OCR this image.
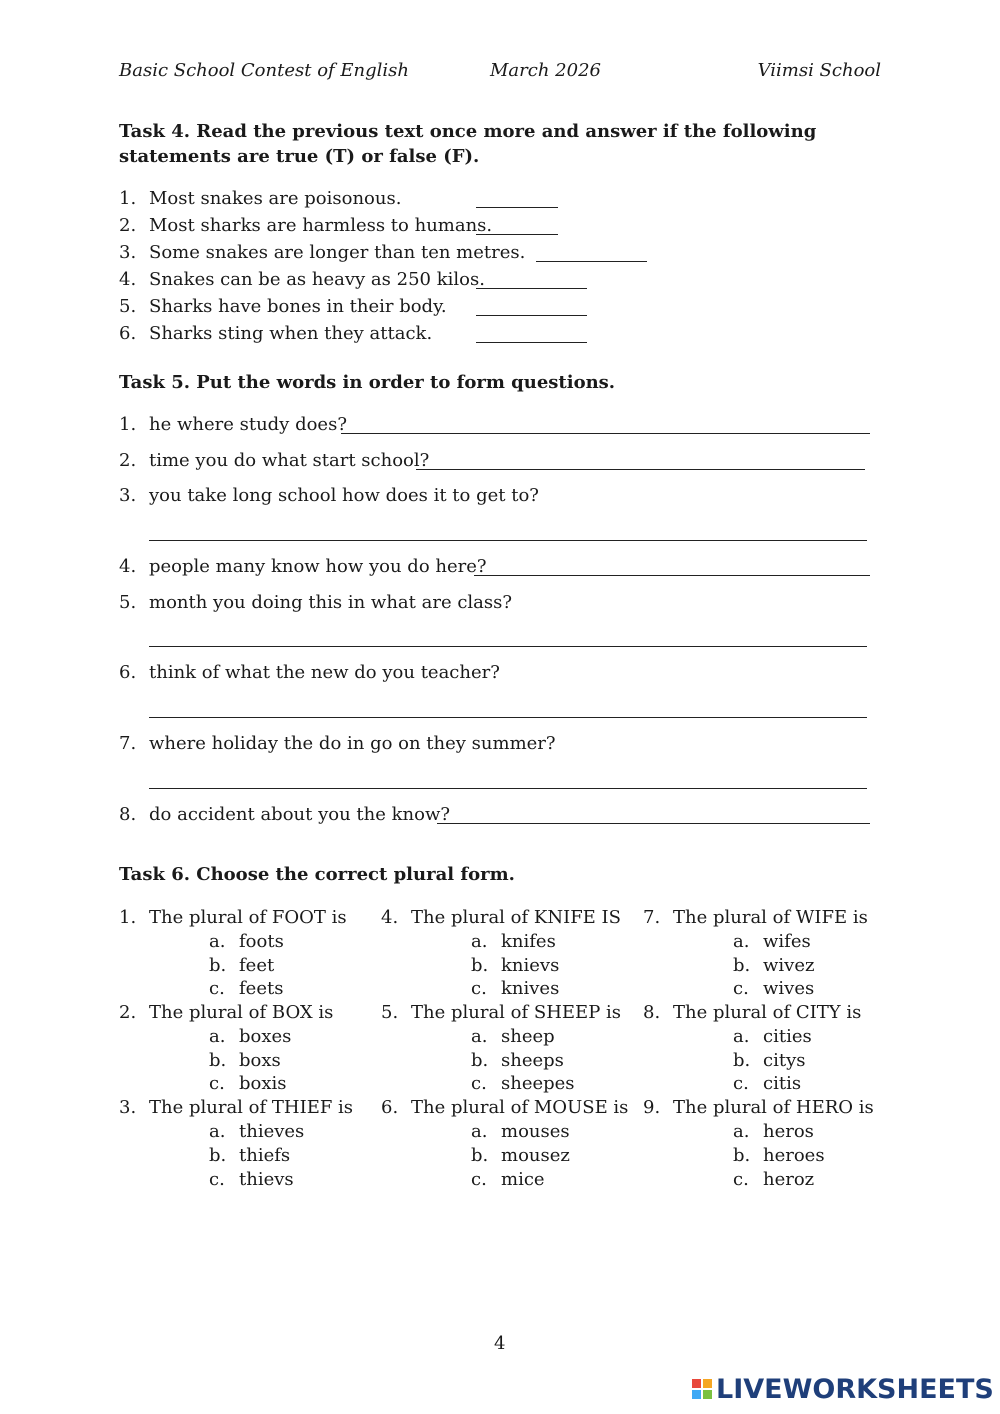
Basic School Contest of English	March 2026	Viimsi School
Task 4. Read the previous text once more and answer if the following statements are true (T) or false (F).
1. Most snakes are poisonous.
2. Most sharks are harmless to humans.
3. Some snakes are longer than ten metres.
4. Snakes can be as heavy as 250 kilos.
5. Sharks have bones in their body.
6. Sharks sting when they attack.
Task 5. Put the words in order to form questions.
1. he where study does?
2. time you do what start school?
3. you take long school how does it to get to?
4. people many know how you do here?
5. month you doing this in what are class?
6. think of what the new do you teacher?
7. where holiday the do in go on they summer?
8. do accident about you the know?
Task 6. Choose the correct plural form.
1. The plural of FOOT is
a. foots
b. feet
c. feets
2. The plural of BOX is
a. boxes
b. boxs
c. boxis
3. The plural of THIEF is
a. thieves
b. thiefs
c. thievs
4. The plural of KNIFE IS
a. knifes
b. knievs
c. knives
5. The plural of SHEEP is
a. sheep
b. sheeps
c. sheepes
6. The plural of MOUSE is
a. mouses
b. mousez
c. mice
7. The plural of WIFE is
a. wifes
b. wivez
c. wives
8. The plural of CITY is
a. cities
b. citys
c. citis
9. The plural of HERO is
a. heros
b. heroes
c. heroz
4
LIVEWORKSHEETS
